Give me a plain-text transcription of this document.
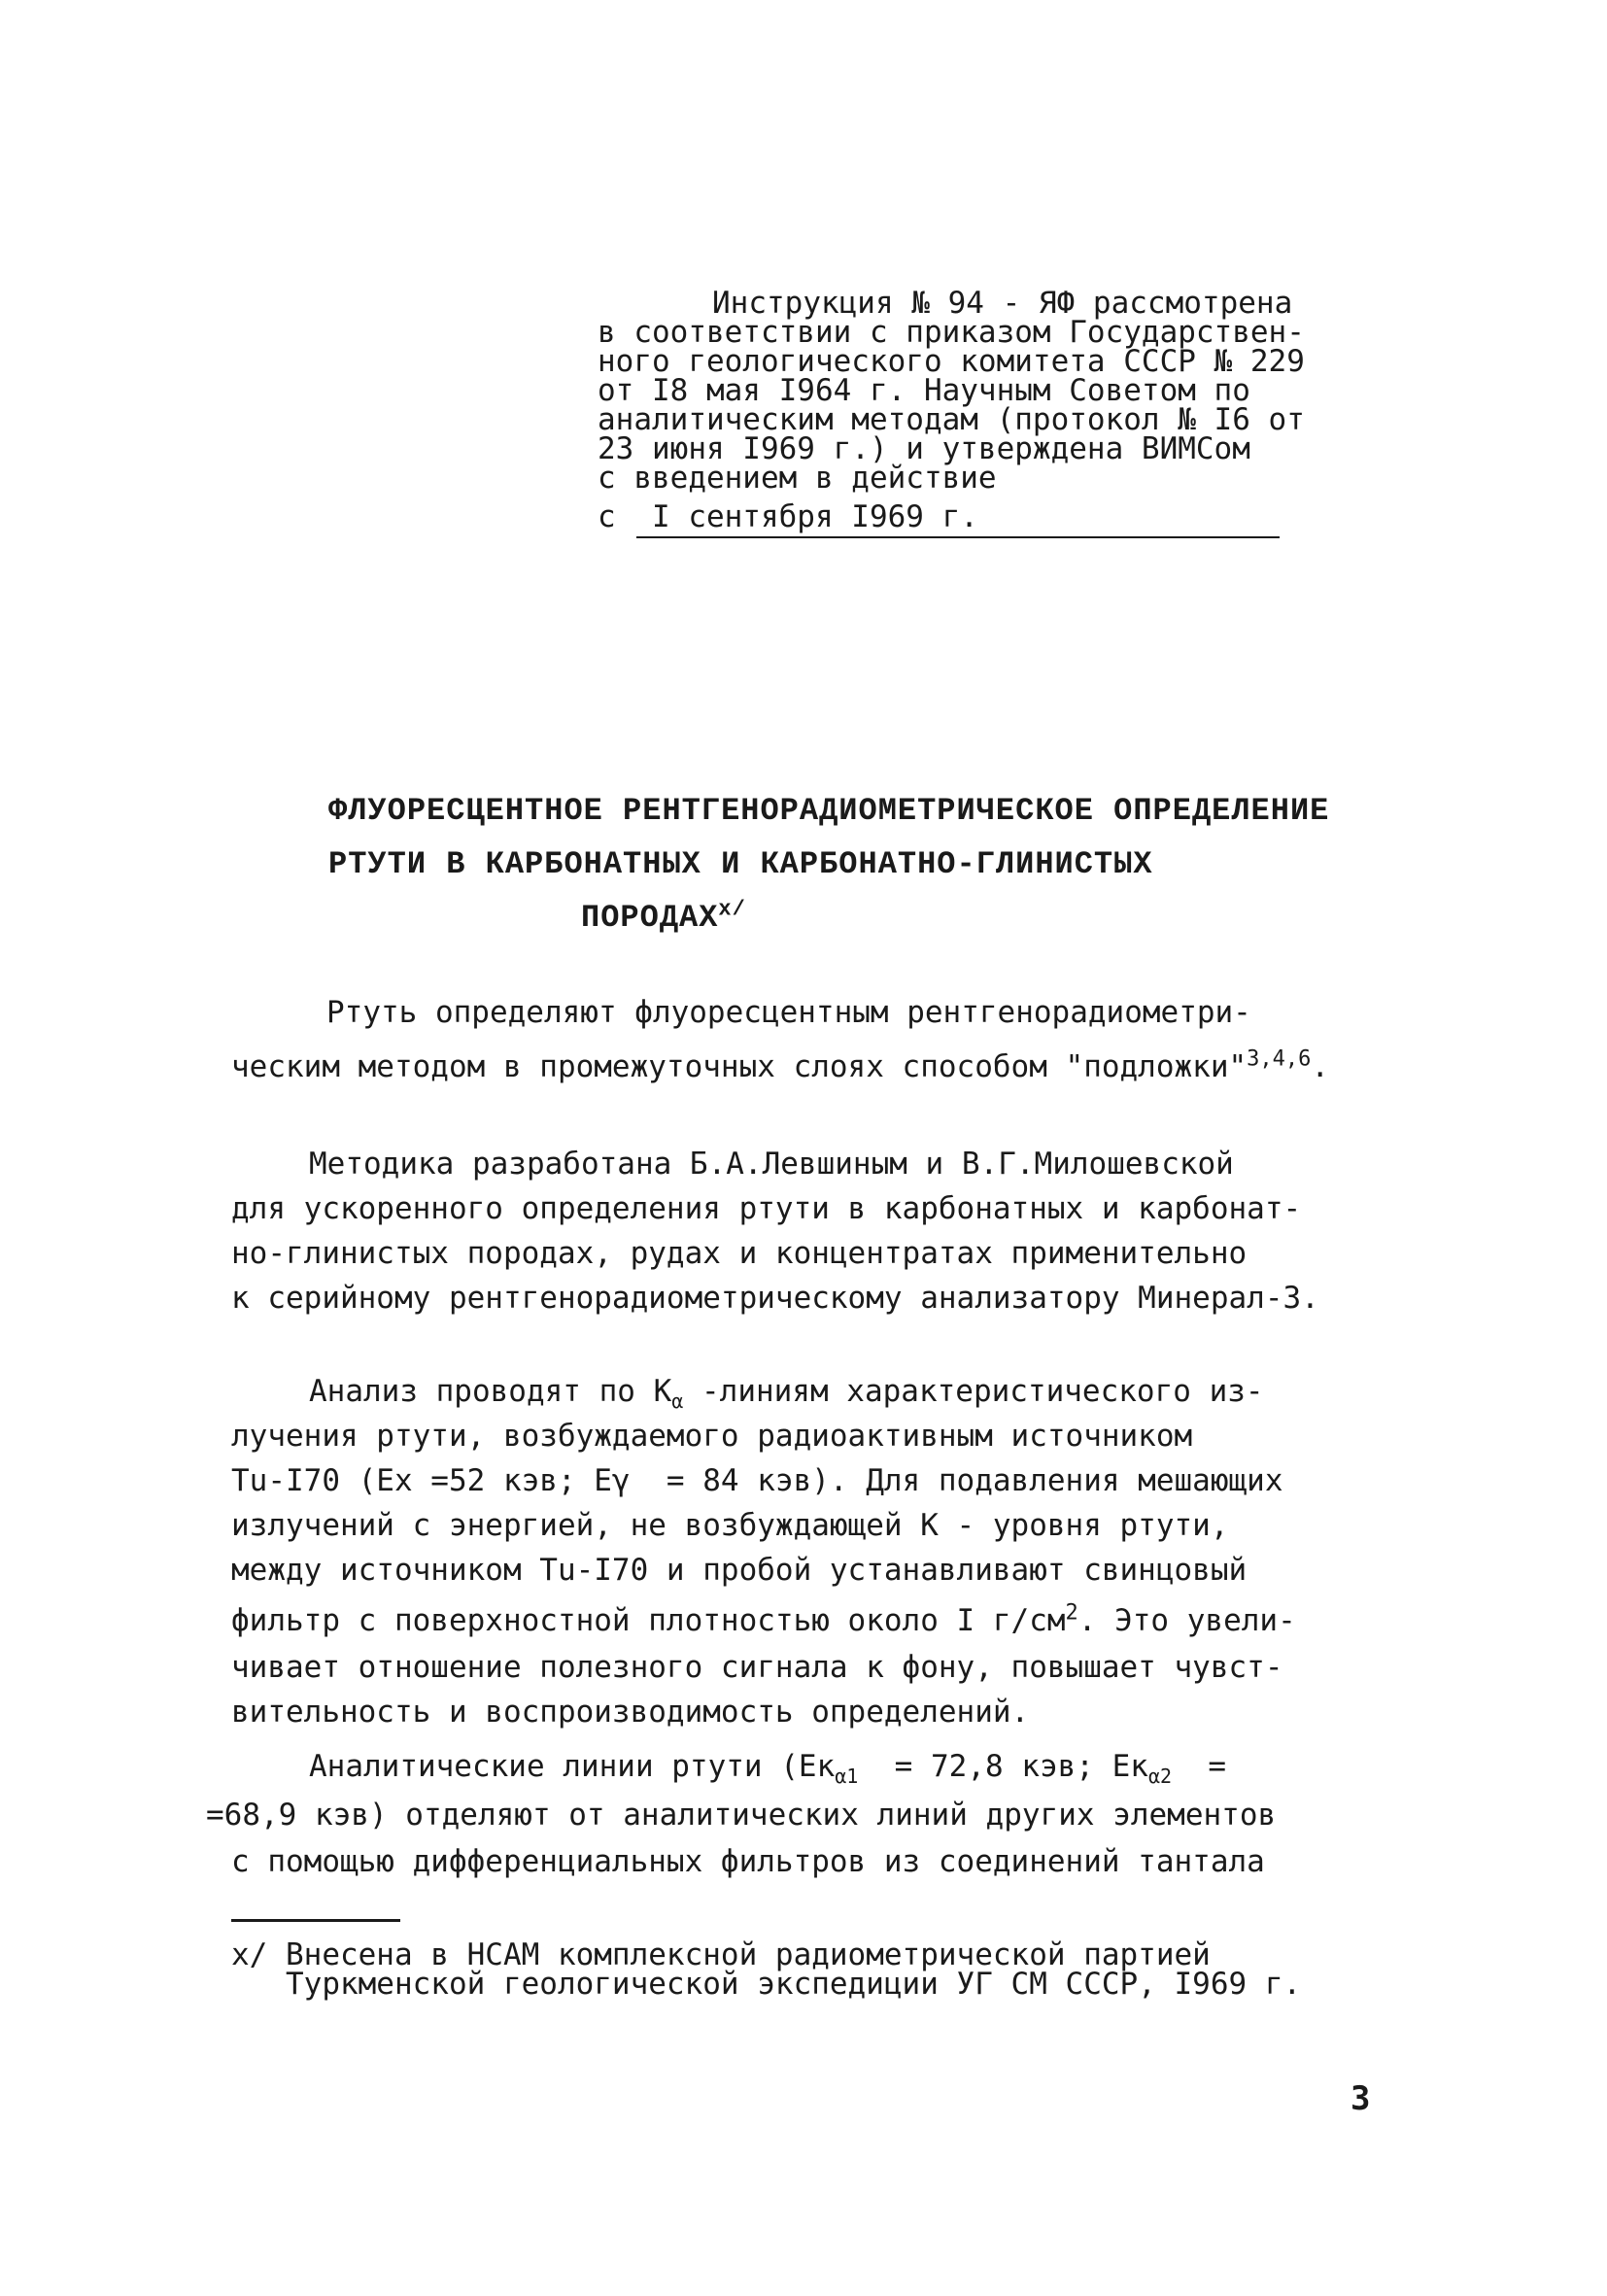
Инструкция № 94 - ЯФ рассмотрена
в соответствии с приказом Государствен-
ного геологического комитета СССР № 229
от I8 мая I964 г. Научным Советом по
аналитическим методам (протокол № I6 от
23 июня I969 г.) и утверждена ВИМСом
с введением в действие
с  I сентября I969 г.
ФЛУОРЕСЦЕНТНОЕ РЕНТГЕНОРАДИОМЕТРИЧЕСКОЕ ОПРЕДЕЛЕНИЕ
РТУТИ В КАРБОНАТНЫХ И КАРБОНАТНО-ГЛИНИСТЫХ
$ПОРОДАХ^{x/}$
Ртуть определяют флуоресцентным рентгенорадиометри-
ческим методом в промежуточных слоях способом "подложки"$^{3,4,6}$.
Методика разработана Б.А.Левшиным и В.Г.Милошевской
для ускоренного определения ртути в карбонатных и карбонат-
но-глинистых породах, рудах и концентратах применительно
к серийному рентгенорадиометрическому анализатору Минерал-3.
Анализ проводят по $К_\alpha$ -линиям характеристического из-
лучения ртути, возбуждаемого радиоактивным источником
Tu-I70 (Eх =52 кэв; Eγ  = 84 кэв). Для подавления мешающих
излучений с энергией, не возбуждающей К - уровня ртути,
между источником Tu-I70 и пробой устанавливают свинцовый
фильтр с поверхностной плотностью около I $г/см^2$. Это увели-
чивает отношение полезного сигнала к фону, повышает чувст-
вительность и воспроизводимость определений.
Аналитические линии ртути ($Ек_{\alpha 1} = 72,8$ кэв; $Ек_{\alpha 2}$  =
=68,9 кэв) отделяют от аналитических линий других элементов
с помощью дифференциальных фильтров из соединений тантала
x/ Внесена в НСАМ комплексной радиометрической партией
Туркменской геологической экспедиции УГ СМ СССР, I969 г.
3
